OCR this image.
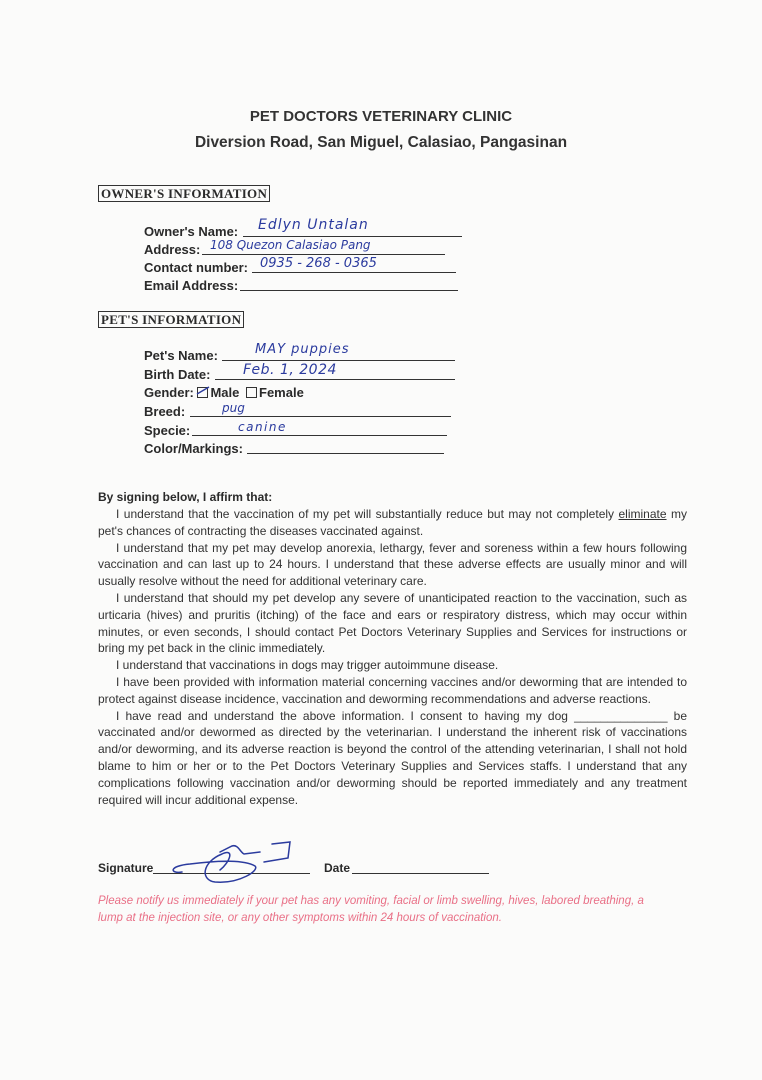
PET DOCTORS VETERINARY CLINIC
Diversion Road, San Miguel, Calasiao, Pangasinan
OWNER'S INFORMATION
Owner's Name: Edlyn Untalan
Address: 108 Quezon Calasiao Pang
Contact number: 0935 - 268 - 0365
Email Address:
PET'S INFORMATION
Pet's Name:	MAY puppies
Birth Date: Feb. 1, 2024
Gender: Male Female
Breed:	pug
Specie:	canine
Color/Markings:
By signing below, I affirm that:

I understand that the vaccination of my pet will substantially reduce but may not completely eliminate my pet's chances of contracting the diseases vaccinated against.

I understand that my pet may develop anorexia, lethargy, fever and soreness within a few hours following vaccination and can last up to 24 hours. I understand that these adverse effects are usually minor and will usually resolve without the need for additional veterinary care.

I understand that should my pet develop any severe of unanticipated reaction to the vaccination, such as urticaria (hives) and pruritis (itching) of the face and ears or respiratory distress, which may occur within minutes, or even seconds, I should contact Pet Doctors Veterinary Supplies and Services for instructions or bring my pet back in the clinic immediately.

I understand that vaccinations in dogs may trigger autoimmune disease.

I have been provided with information material concerning vaccines and/or deworming that are intended to protect against disease incidence, vaccination and deworming recommendations and adverse reactions.

I have read and understand the above information. I consent to having my dog ______________ be vaccinated and/or dewormed as directed by the veterinarian. I understand the inherent risk of vaccinations and/or deworming, and its adverse reaction is beyond the control of the attending veterinarian, I shall not hold blame to him or her or to the Pet Doctors Veterinary Supplies and Services staffs. I understand that any complications following vaccination and/or deworming should be reported immediately and any treatment required will incur additional expense.

Signature	Date
Please notify us immediately if your pet has any vomiting, facial or limb swelling, hives, labored breathing, a lump at the injection site, or any other symptoms within 24 hours of vaccination.
